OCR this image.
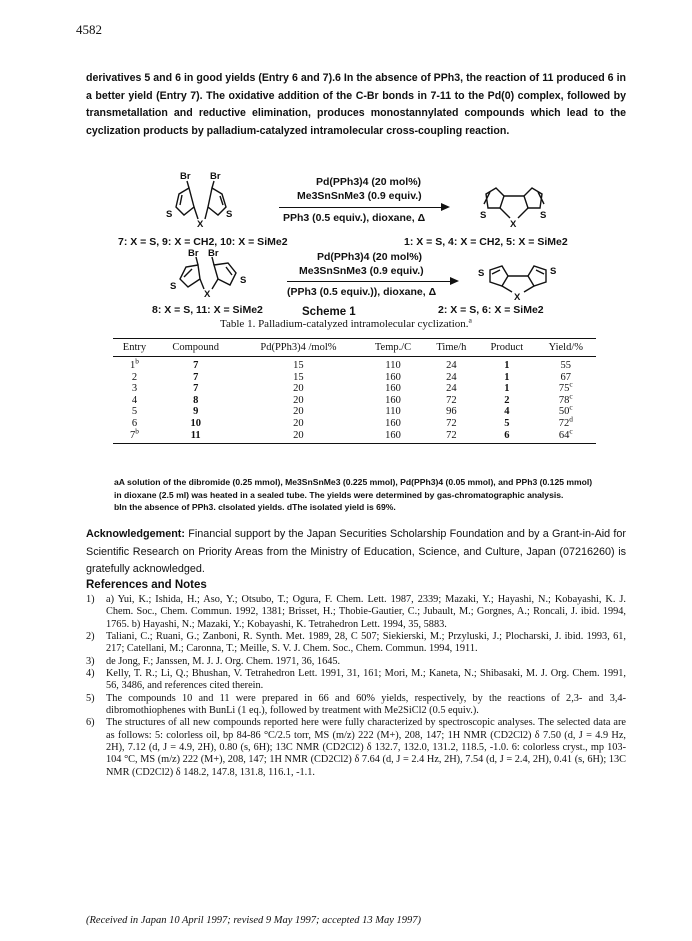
4582
derivatives 5 and 6 in good yields (Entry 6 and 7).6 In the absence of PPh3, the reaction of 11 produced 6 in a better yield (Entry 7). The oxidative addition of the C-Br bonds in 7-11 to the Pd(0) complex, followed by transmetallation and reductive elimination, produces monostannylated compounds which lead to the cyclization products by palladium-catalyzed intramolecular cross-coupling reaction.
Br Br
X
S	S
Pd(PPh3)4 (20 mol%)
Me3SnSnMe3 (0.9 equiv.)
PPh3 (0.5 equiv.), dioxane, Δ
X
S	S
7: X = S, 9: X = CH2, 10: X = SiMe2	1: X = S, 4: X = CH2, 5: X = SiMe2
Br Br
X
S
S
Pd(PPh3)4 (20 mol%)
Me3SnSnMe3 (0.9 equiv.)
(PPh3 (0.5 equiv.)), dioxane, Δ	X
S	S
8: X = S, 11: X = SiMe2	Scheme 1	2: X = S, 6: X = SiMe2
Table 1. Palladium-catalyzed intramolecular cyclization.$^a$
Entry	Compound	Pd(PPh3)4 /mol%	Temp./C	Time/h	Product	Yield/%
1$^b$	7	15	110	24	1	55
2	7	15	160	24	1	67
3	7	20	160	24	1	75$^c$
4	8	20	160	72	2	78$^c$
5	9	20	110	96	4	50$^c$
6	10	20	160	72	5	72$^d$
7$^b$	11	20	160	72	6	64$^c$
aA solution of the dibromide (0.25 mmol), Me3SnSnMe3 (0.225 mmol), Pd(PPh3)4 (0.05 mmol), and PPh3 (0.125 mmol) in dioxane (2.5 ml) was heated in a sealed tube. The yields were determined by gas-chromatographic analysis.
bIn the absence of PPh3. cIsolated yields. dThe isolated yield is 69%.
Acknowledgement: Financial support by the Japan Securities Scholarship Foundation and by a Grant-in-Aid for Scientific Research on Priority Areas from the Ministry of Education, Science, and Culture, Japan (07216260) is gratefully acknowledged.
References and Notes
1) a) Yui, K.; Ishida, H.; Aso, Y.; Otsubo, T.; Ogura, F. Chem. Lett. 1987, 2339; Mazaki, Y.; Hayashi, N.; Kobayashi, K. J. Chem. Soc., Chem. Commun. 1992, 1381; Brisset, H.; Thobie-Gautier, C.; Jubault, M.; Gorgnes, A.; Roncali, J. ibid. 1994, 1765. b) Hayashi, N.; Mazaki, Y.; Kobayashi, K. Tetrahedron Lett. 1994, 35, 5883.
2) Taliani, C.; Ruani, G.; Zanboni, R. Synth. Met. 1989, 28, C 507; Siekierski, M.; Przyluski, J.; Plocharski, J. ibid. 1993, 61, 217; Catellani, M.; Caronna, T.; Meille, S. V. J. Chem. Soc., Chem. Commun. 1994, 1911.
3) de Jong, F.; Janssen, M. J. J. Org. Chem. 1971, 36, 1645.
4) Kelly, T. R.; Li, Q.; Bhushan, V. Tetrahedron Lett. 1991, 31, 161; Mori, M.; Kaneta, N.; Shibasaki, M. J. Org. Chem. 1991, 56, 3486, and references cited therein.
5) The compounds 10 and 11 were prepared in 66 and 60% yields, respectively, by the reactions of 2,3- and 3,4-dibromothiophenes with BunLi (1 eq.), followed by treatment with Me2SiCl2 (0.5 equiv.).
6) The structures of all new compounds reported here were fully characterized by spectroscopic analyses. The selected data are as follows: 5: colorless oil, bp 84-86 °C/2.5 torr, MS (m/z) 222 (M+), 208, 147; 1H NMR (CD2Cl2) δ 7.50 (d, J = 4.9 Hz, 2H), 7.12 (d, J = 4.9, 2H), 0.80 (s, 6H); 13C NMR (CD2Cl2) δ 132.7, 132.0, 131.2, 118.5, -1.0. 6: colorless cryst., mp 103-104 °C, MS (m/z) 222 (M+), 208, 147; 1H NMR (CD2Cl2) δ 7.64 (d, J = 2.4 Hz, 2H), 7.54 (d, J = 2.4, 2H), 0.41 (s, 6H); 13C NMR (CD2Cl2) δ 148.2, 147.8, 131.8, 116.1, -1.1.
(Received in Japan 10 April 1997; revised 9 May 1997; accepted 13 May 1997)
